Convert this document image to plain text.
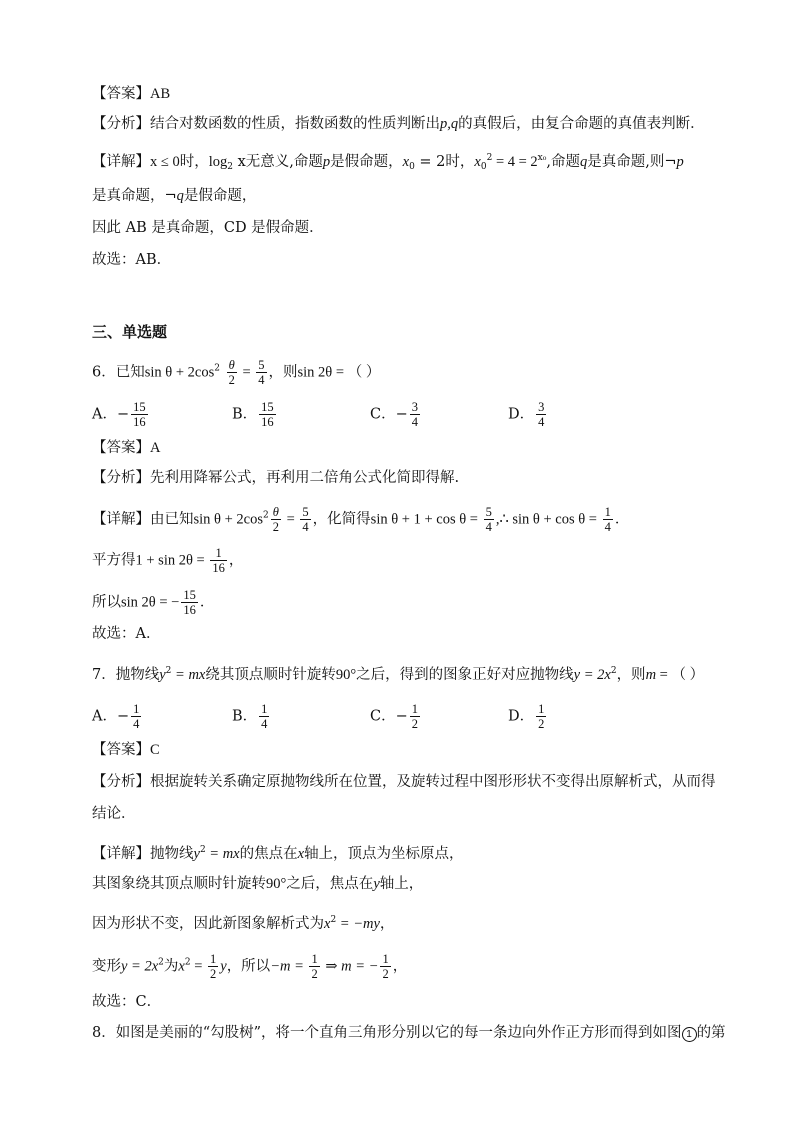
【答案】AB
【分析】结合对数函数的性质，指数函数的性质判断出p,q的真假后，由复合命题的真值表判断．
【详解】x ≤ 0时，$\log_2 x$无意义,命题p是假命题，$x_0 = 2$时，$x_0^2 = 4 = 2^{x_0}$,命题q是真命题,则¬p
是真命题，¬q是假命题，
因此 AB 是真命题，CD 是假命题．
故选：AB．
三、单选题
6．已知$\sin \theta + 2\cos^2 \frac{\theta}{2} = \frac{5}{4}$ ，则sin 2θ = （ ）
A．− $\frac{15}{16}$	B． $\frac{15}{16}$	C．− $\frac{3}{4}$	D． $\frac{3}{4}$
【答案】A
【分析】先利用降幂公式，再利用二倍角公式化简即得解.
【详解】由已知$\sin \theta + 2\cos^2 \frac{\theta}{2} = \frac{5}{4}$ ，化简得$\sin \theta + 1 + \cos \theta = \frac{5}{4}$ ,∴ $\sin \theta + \cos \theta = \frac{1}{4}$ ．
平方得$1 + \sin 2\theta = \frac{1}{16}$ ，
所以sin 2θ = − $\frac{15}{16}$ ．
故选：A．
7．抛物线$y^2$ = mx绕其顶点顺时针旋转90°之后，得到的图象正好对应抛物线$y = 2x^2$，则m = （ ）
A．− $\frac{1}{4}$	B． $\frac{1}{4}$	C．− $\frac{1}{2}$	D． $\frac{1}{2}$
【答案】C
【分析】根据旋转关系确定原抛物线所在位置，及旋转过程中图形形状不变得出原解析式，从而得
结论．
【详解】抛物线$y^2$ = mx的焦点在x轴上，顶点为坐标原点，
其图象绕其顶点顺时针旋转90°之后，焦点在y轴上，
因为形状不变，因此新图象解析式为$x^2 = -my$，
变形$y = 2x^2$为$x^2 = \frac{1}{2}$ y，所以$-m = \frac{1}{2}$ ⇒ m = − $\frac{1}{2}$ ，
故选：C．
8．如图是美丽的“勾股树”，将一个直角三角形分别以它的每一条边向外作正方形而得到如图 1 的第
